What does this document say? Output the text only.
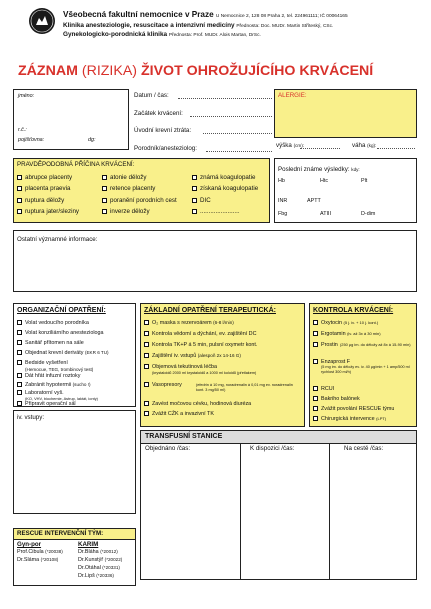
Všeobecná fakultní nemocnice v Praze U Nemocnice 2, 128 08 Praha 2, tel. 224961111; IČ 00064165
Klinika anesteziologie, resuscitace a intenzivní medicíny Přednosta: Doc. MUDr. Martin Stříteský, CSc.
Gynekologicko-porodnická klinika Přednosta: Prof. MUDr. Alois Martan, DrSc.
ZÁZNAM (RIZIKA) ŽIVOT OHROŽUJÍCÍHO KRVÁCENÍ
jméno:
r.č.:
pojišťovna:	dg:
Datum / čas:
Začátek krvácení:
Úvodní krevní ztráta:
Porodník/anesteziolog:
ALERGIE:
výška (cm):	váha (kg):
PRAVDĚPODOBNÁ PŘÍČINA KRVÁCENÍ:
abrupce placenty
placenta praevia
ruptura děložy
ruptura jater/sleziny
atonie děložy
retence placenty
poranění porodních cest
inverze děložy
známá koagulopatie
získaná koagulopatie
DIC
.......................
Poslední známe výsledky: kdy:
Hb	Htc	Plt
INR	APTT
Fbg	ATIII	D-dim
Ostatní významné informace:
ORGANIZAČNÍ OPATŘENÍ:
Volat vedoucího porodníka
Volat konziliárního anesteziologa
Sanitář přítomen na sále
Objednat krevní deriváty (EKR 6 TU)
Bedside vyšetření
(Hemocue, TEG, trombinový test)
Dát hřát infuzní roztoky
Zabránit hypotermii (sucho !)
Laboratorní vyš.
(KO, VHV, biochemie, Astrup, laktát, ionty)
Připravit operační sál
ZÁKLADNÍ OPATŘENÍ TERAPEUTICKÁ:
O₂ maska s rezervoárem (6-8 l/min)
Kontrola vědomí a dýchání, ev. zajištění DC
Kontrola TK+P á 5 min, pulsní oxymetr kont.
Zajištění iv. vstupů (alespoň 2x 14-16 G)
Objemová tekutinová léčba
(krystaloidů 2000 ml krystaloidů a 1000 ml koloidů (přetlakem)
Vasopresory	(efedrin á 10 mg, noradrenalin á 0,01 mg ev. noradrenalin kont. 3 mg/50 ml)
Zavést močovou cévku, hodinová diuréza
Zvážit CŽK a invazivní TK
KONTROLA KRVÁCENÍ:
Oxytocin (5 j. iv. + 10 j. kont.)
Ergotamin (iv. až 3x á 30 min)
Prostin (250 μg im. do děložy až 8x á 15-90 min)
Enzaprost F
(5 mg im. do děložy ev. iv. 40 μg/min + 1 amp/500 ml rychlost 300 ml/h)
RCUI
Bakriho balónek
Zvážit povolání RESCUE týmu
Chirurgická intervence (LPT)
iv. vstupy:
TRANSFUSNÍ STANICE
Objednáno /čas:	K dispozici /čas:	Na cestě /čas:
RESCUE INTERVENČNÍ TÝM:
Gyn-por
Prof.Cibula (*20038)
Dr.Sláma (*20108)
KARIM
Dr.Bláha (*20012)
Dr.Kunstýř (*20022)
Dr.Otáhal (*20331)
Dr.Lipš (*20336)
